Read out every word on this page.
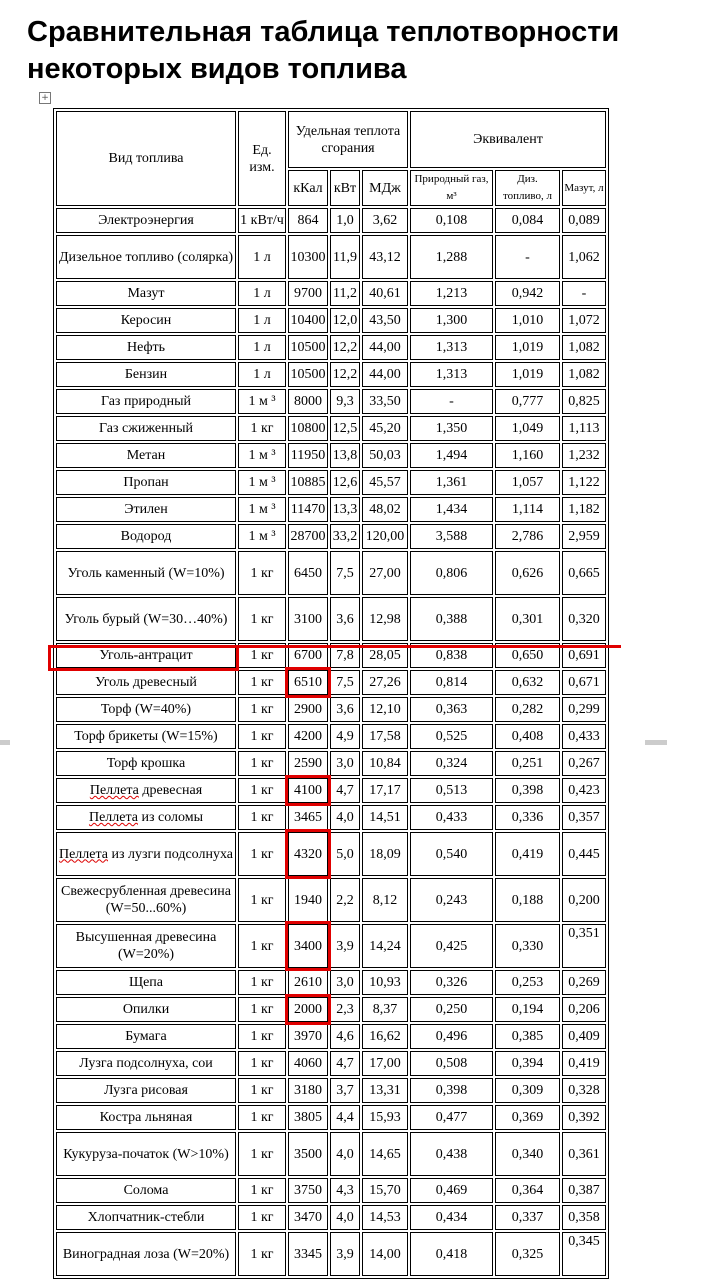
Сравнительная таблица теплотворности некоторых видов топлива
+
Вид топлива	Ед. изм.	Удельная теплота сгорания			Эквивалент		
		кКал	кВт	МДж	Природный газ, м³	Диз. топливо, л	Мазут, л
Электроэнергия	1 кВт/ч	864	1,0	3,62	0,108	0,084	0,089
Дизельное топливо (солярка)	1 л	10300	11,9	43,12	1,288	-	1,062
Мазут	1 л	9700	11,2	40,61	1,213	0,942	-
Керосин	1 л	10400	12,0	43,50	1,300	1,010	1,072
Нефть	1 л	10500	12,2	44,00	1,313	1,019	1,082
Бензин	1 л	10500	12,2	44,00	1,313	1,019	1,082
Газ природный	1 м ³	8000	9,3	33,50	-	0,777	0,825
Газ сжиженный	1 кг	10800	12,5	45,20	1,350	1,049	1,113
Метан	1 м ³	11950	13,8	50,03	1,494	1,160	1,232
Пропан	1 м ³	10885	12,6	45,57	1,361	1,057	1,122
Этилен	1 м ³	11470	13,3	48,02	1,434	1,114	1,182
Водород	1 м ³	28700	33,2	120,00	3,588	2,786	2,959
Уголь каменный (W=10%)	1 кг	6450	7,5	27,00	0,806	0,626	0,665
Уголь бурый (W=30…40%)	1 кг	3100	3,6	12,98	0,388	0,301	0,320
Уголь-антрацит	1 кг	6700	7,8	28,05	0,838	0,650	0,691
Уголь древесный	1 кг	6510	7,5	27,26	0,814	0,632	0,671
Торф (W=40%)	1 кг	2900	3,6	12,10	0,363	0,282	0,299
Торф брикеты (W=15%)	1 кг	4200	4,9	17,58	0,525	0,408	0,433
Торф крошка	1 кг	2590	3,0	10,84	0,324	0,251	0,267
Пеллета древесная	1 кг	4100	4,7	17,17	0,513	0,398	0,423
Пеллета из соломы	1 кг	3465	4,0	14,51	0,433	0,336	0,357
Пеллета из лузги подсолнуха	1 кг	4320	5,0	18,09	0,540	0,419	0,445
Свежесрубленная древесина (W=50...60%)	1 кг	1940	2,2	8,12	0,243	0,188	0,200
Высушенная древесина (W=20%)	1 кг	3400	3,9	14,24	0,425	0,330	0,351
Щепа	1 кг	2610	3,0	10,93	0,326	0,253	0,269
Опилки	1 кг	2000	2,3	8,37	0,250	0,194	0,206
Бумага	1 кг	3970	4,6	16,62	0,496	0,385	0,409
Лузга подсолнуха, сои	1 кг	4060	4,7	17,00	0,508	0,394	0,419
Лузга рисовая	1 кг	3180	3,7	13,31	0,398	0,309	0,328
Костра льняная	1 кг	3805	4,4	15,93	0,477	0,369	0,392
Кукуруза-початок (W>10%)	1 кг	3500	4,0	14,65	0,438	0,340	0,361
Солома	1 кг	3750	4,3	15,70	0,469	0,364	0,387
Хлопчатник-стебли	1 кг	3470	4,0	14,53	0,434	0,337	0,358
Виноградная лоза (W=20%)	1 кг	3345	3,9	14,00	0,418	0,325	0,345
